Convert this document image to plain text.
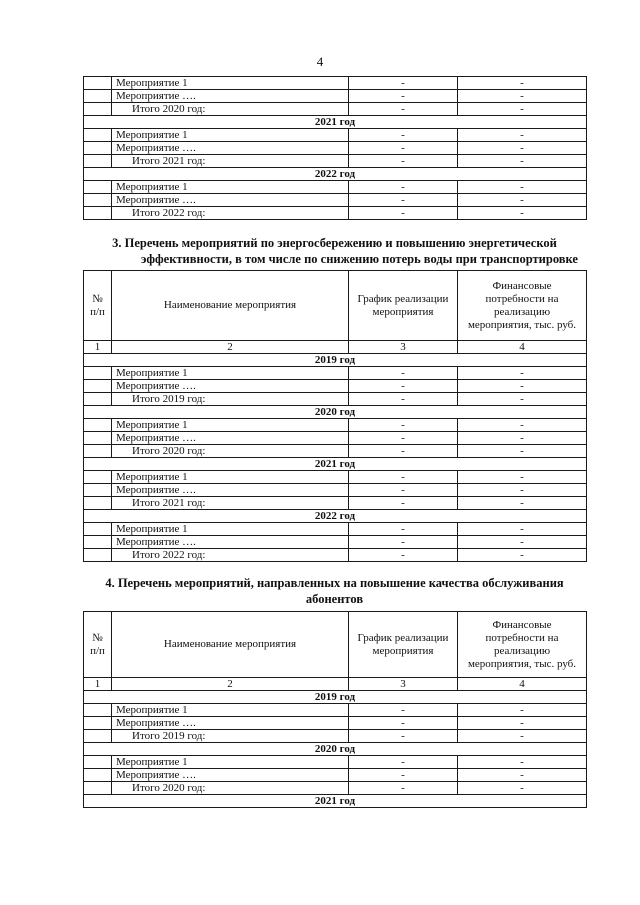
4
	Мероприятие 1	-	-
	Мероприятие ….	-	-
	Итого 2020 год:	-	-
2021 год			
	Мероприятие 1	-	-
	Мероприятие ….	-	-
	Итого 2021 год:	-	-
2022 год			
	Мероприятие 1	-	-
	Мероприятие ….	-	-
	Итого 2022 год:	-	-
3. Перечень мероприятий по энергосбережению и повышению энергетической
эффективности, в том числе по снижению потерь воды при транспортировке
№ п/п	Наименование мероприятия	График реализации мероприятия	Финансовые потребности на реализацию мероприятия, тыс. руб.
1	2	3	4
2019 год			
	Мероприятие 1	-	-
	Мероприятие ….	-	-
	Итого 2019 год:	-	-
2020 год			
	Мероприятие 1	-	-
	Мероприятие ….	-	-
	Итого 2020 год:	-	-
2021 год			
	Мероприятие 1	-	-
	Мероприятие ….	-	-
	Итого 2021 год:	-	-
2022 год			
	Мероприятие 1	-	-
	Мероприятие ….	-	-
	Итого 2022 год:	-	-
4. Перечень мероприятий, направленных на повышение качества обслуживания
абонентов
№ п/п	Наименование мероприятия	График реализации мероприятия	Финансовые потребности на реализацию мероприятия, тыс. руб.
1	2	3	4
2019 год			
	Мероприятие 1	-	-
	Мероприятие ….	-	-
	Итого 2019 год:	-	-
2020 год			
	Мероприятие 1	-	-
	Мероприятие ….	-	-
	Итого 2020 год:	-	-
2021 год			
